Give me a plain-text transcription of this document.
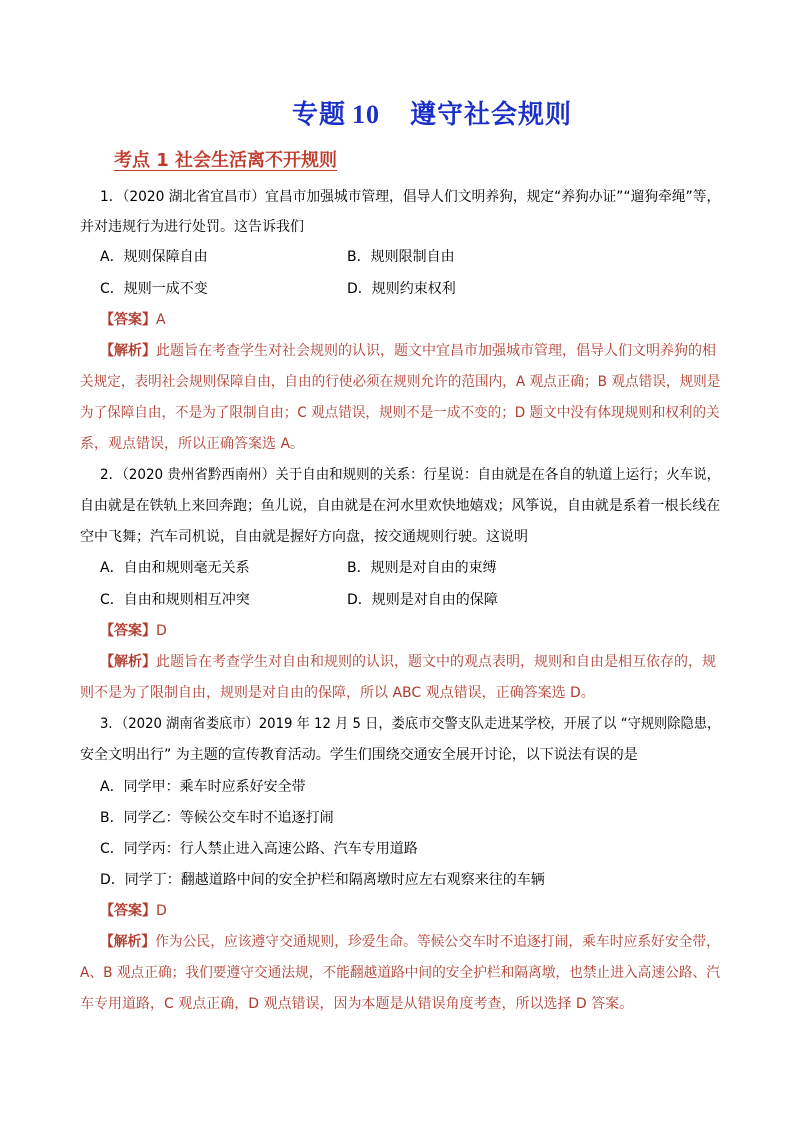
专题 10 遵守社会规则
考点 1 社会生活离不开规则
1．（2020 湖北省宜昌市）宜昌市加强城市管理，倡导人们文明养狗，规定“养狗办证”“遛狗牵绳”等，
并对违规行为进行处罚。这告诉我们
A．规则保障自由	B．规则限制自由
C．规则一成不变	D．规则约束权利
【答案】A
【解析】此题旨在考查学生对社会规则的认识，题文中宜昌市加强城市管理，倡导人们文明养狗的相
关规定，表明社会规则保障自由，自由的行使必须在规则允许的范围内，A 观点正确；B 观点错误，规则是
为了保障自由，不是为了限制自由；C 观点错误，规则不是一成不变的；D 题文中没有体现规则和权利的关
系，观点错误，所以正确答案选 A。
2．（2020 贵州省黔西南州）关于自由和规则的关系：行星说：自由就是在各自的轨道上运行；火车说，
自由就是在铁轨上来回奔跑；鱼儿说，自由就是在河水里欢快地嬉戏；风筝说，自由就是系着一根长线在
空中飞舞；汽车司机说，自由就是握好方向盘，按交通规则行驶。这说明
A．自由和规则毫无关系	B．规则是对自由的束缚
C．自由和规则相互冲突	D．规则是对自由的保障
【答案】D
【解析】此题旨在考查学生对自由和规则的认识，题文中的观点表明，规则和自由是相互依存的，规
则不是为了限制自由，规则是对自由的保障，所以 ABC 观点错误，正确答案选 D。
3．（2020 湖南省娄底市）2019 年 12 月 5 日，娄底市交警支队走进某学校，开展了以 “守规则除隐患，
安全文明出行” 为主题的宣传教育活动。学生们围绕交通安全展开讨论，以下说法有误的是
A．同学甲：乘车时应系好安全带
B．同学乙：等候公交车时不追逐打闹
C．同学丙：行人禁止进入高速公路、汽车专用道路
D．同学丁：翻越道路中间的安全护栏和隔离墩时应左右观察来往的车辆
【答案】D
【解析】作为公民，应该遵守交通规则，珍爱生命。等候公交车时不追逐打闹，乘车时应系好安全带，
A、B 观点正确；我们要遵守交通法规，不能翻越道路中间的安全护栏和隔离墩，也禁止进入高速公路、汽
车专用道路，C 观点正确，D 观点错误，因为本题是从错误角度考查，所以选择 D 答案。
